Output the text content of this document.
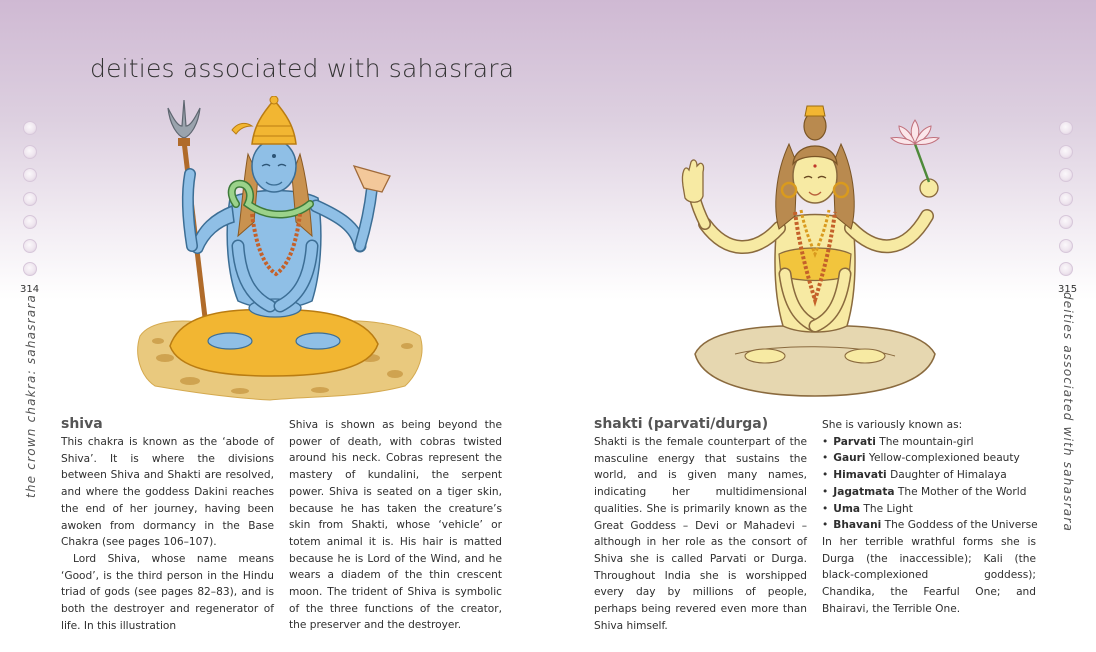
deities associated with sahasrara
314	315
the crown chakra: sahasrara	deities associated with sahasrara
shiva

This chakra is known as the ‘abode of Shiva’. It is where the divisions between Shiva and Shakti are resolved, and where the goddess Dakini reaches the end of her journey, having been awoken from dormancy in the Base Chakra (see pages 106–107).

Lord Shiva, whose name means ‘Good’, is the third person in the Hindu triad of gods (see pages 82–83), and is both the destroyer and regenerator of life. In this illustration

Shiva is shown as being beyond the power of death, with cobras twisted around his neck. Cobras represent the mastery of kundalini, the serpent power. Shiva is seated on a tiger skin, because he has taken the creature’s skin from Shakti, whose ‘vehicle’ or totem animal it is. His hair is matted because he is Lord of the Wind, and he wears a diadem of the thin crescent moon. The trident of Shiva is symbolic of the three functions of the creator, the preserver and the destroyer.

shakti (parvati/durga)

Shakti is the female counterpart of the masculine energy that sustains the world, and is given many names, indicating her multidimensional qualities. She is primarily known as the Great Goddess – Devi or Mahadevi – although in her role as the consort of Shiva she is called Parvati or Durga. Throughout India she is worshipped every day by millions of people, perhaps being revered even more than Shiva himself.

She is variously known as:

• Parvati The mountain-girl
• Gauri Yellow-complexioned beauty
• Himavati Daughter of Himalaya
• Jagatmata The Mother of the World
• Uma The Light
• Bhavani The Goddess of the Universe

In her terrible wrathful forms she is Durga (the inaccessible); Kali (the black-complexioned goddess); Chandika, the Fearful One; and Bhairavi, the Terrible One.
